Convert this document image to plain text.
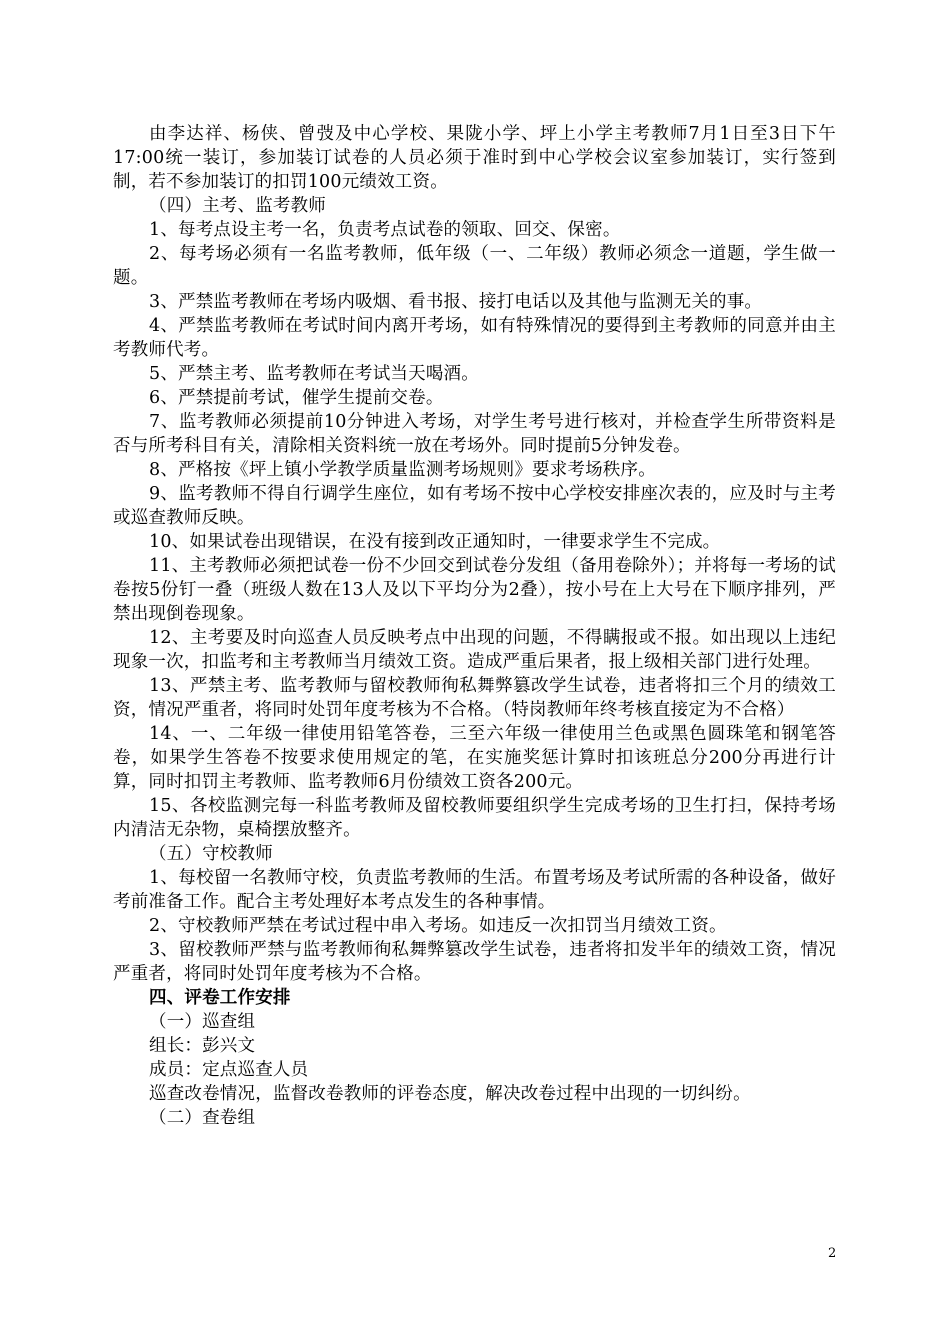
由李达祥、杨侠、曾弢及中心学校、果陇小学、坪上小学主考教师7月1日至3日下午17:00统一装订，参加装订试卷的人员必须于准时到中心学校会议室参加装订，实行签到制，若不参加装订的扣罚100元绩效工资。

（四）主考、监考教师

1、每考点设主考一名，负责考点试卷的领取、回交、保密。

2、每考场必须有一名监考教师，低年级（一、二年级）教师必须念一道题，学生做一题。

3、严禁监考教师在考场内吸烟、看书报、接打电话以及其他与监测无关的事。

4、严禁监考教师在考试时间内离开考场，如有特殊情况的要得到主考教师的同意并由主考教师代考。

5、严禁主考、监考教师在考试当天喝酒。

6、严禁提前考试，催学生提前交卷。

7、监考教师必须提前10分钟进入考场，对学生考号进行核对，并检查学生所带资料是否与所考科目有关，清除相关资料统一放在考场外。同时提前5分钟发卷。

8、严格按《坪上镇小学教学质量监测考场规则》要求考场秩序。

9、监考教师不得自行调学生座位，如有考场不按中心学校安排座次表的，应及时与主考或巡查教师反映。

10、如果试卷出现错误，在没有接到改正通知时，一律要求学生不完成。

11、主考教师必须把试卷一份不少回交到试卷分发组（备用卷除外）；并将每一考场的试卷按5份钉一叠（班级人数在13人及以下平均分为2叠），按小号在上大号在下顺序排列，严禁出现倒卷现象。

12、主考要及时向巡查人员反映考点中出现的问题，不得瞒报或不报。如出现以上违纪现象一次，扣监考和主考教师当月绩效工资。造成严重后果者，报上级相关部门进行处理。

13、严禁主考、监考教师与留校教师徇私舞弊篡改学生试卷，违者将扣三个月的绩效工资，情况严重者，将同时处罚年度考核为不合格。（特岗教师年终考核直接定为不合格）

14、一、二年级一律使用铅笔答卷，三至六年级一律使用兰色或黑色圆珠笔和钢笔答卷，如果学生答卷不按要求使用规定的笔，在实施奖惩计算时扣该班总分200分再进行计算，同时扣罚主考教师、监考教师6月份绩效工资各200元。

15、各校监测完每一科监考教师及留校教师要组织学生完成考场的卫生打扫，保持考场内清洁无杂物，桌椅摆放整齐。

（五）守校教师

1、每校留一名教师守校，负责监考教师的生活。布置考场及考试所需的各种设备，做好考前准备工作。配合主考处理好本考点发生的各种事情。

2、守校教师严禁在考试过程中串入考场。如违反一次扣罚当月绩效工资。

3、留校教师严禁与监考教师徇私舞弊篡改学生试卷，违者将扣发半年的绩效工资，情况严重者，将同时处罚年度考核为不合格。

四、评卷工作安排

（一）巡查组

组长：彭兴文

成员：定点巡查人员

巡查改卷情况，监督改卷教师的评卷态度，解决改卷过程中出现的一切纠纷。

（二）查卷组

2
